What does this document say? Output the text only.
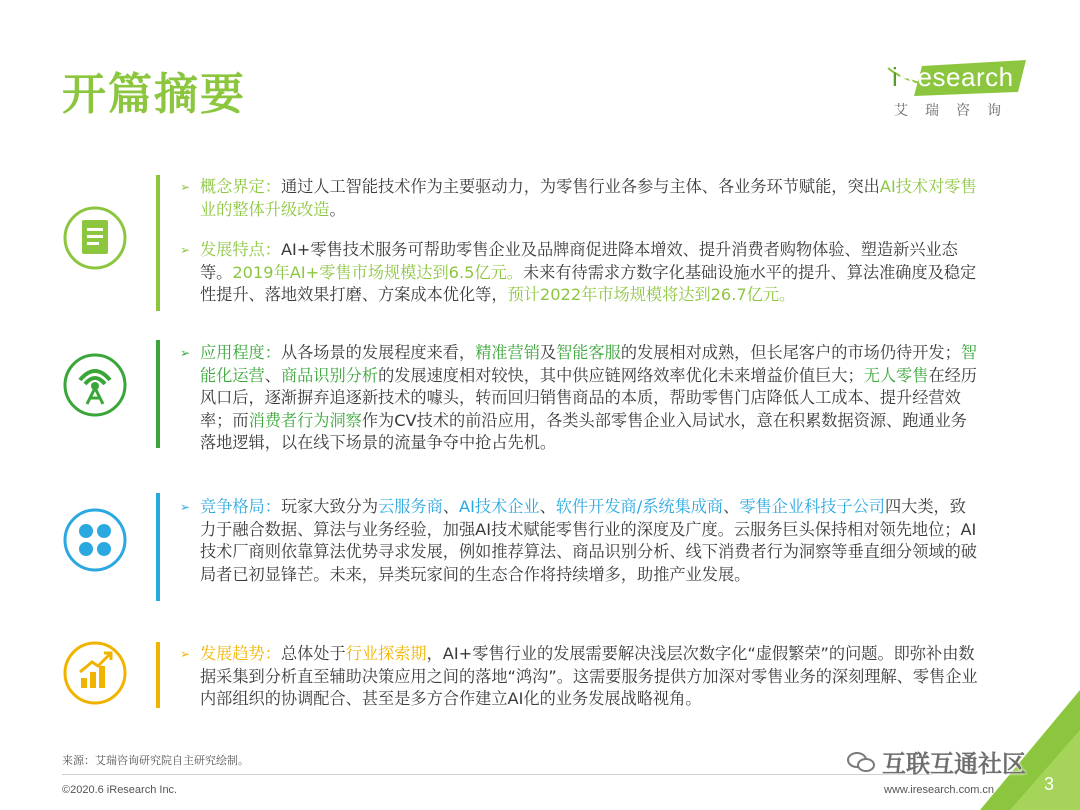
开篇摘要	iResearch
艾瑞咨询
➢ 概念界定：通过人工智能技术作为主要驱动力，为零售行业各参与主体、各业务环节赋能，突出AI技术对零售业的整体升级改造。
➢ 发展特点：AI+零售技术服务可帮助零售企业及品牌商促进降本增效、提升消费者购物体验、塑造新兴业态等。2019年AI+零售市场规模达到6.5亿元。未来有待需求方数字化基础设施水平的提升、算法准确度及稳定性提升、落地效果打磨、方案成本优化等，预计2022年市场规模将达到26.7亿元。
➢ 应用程度：从各场景的发展程度来看，精准营销及智能客服的发展相对成熟，但长尾客户的市场仍待开发；智能化运营、商品识别分析的发展速度相对较快，其中供应链网络效率优化未来增益价值巨大；无人零售在经历风口后，逐渐摒弃追逐新技术的噱头，转而回归销售商品的本质，帮助零售门店降低人工成本、提升经营效率；而消费者行为洞察作为CV技术的前沿应用，各类头部零售企业入局试水，意在积累数据资源、跑通业务落地逻辑，以在线下场景的流量争夺中抢占先机。
➢ 竞争格局：玩家大致分为云服务商、AI技术企业、软件开发商/系统集成商、零售企业科技子公司四大类，致力于融合数据、算法与业务经验，加强AI技术赋能零售行业的深度及广度。云服务巨头保持相对领先地位；AI技术厂商则依靠算法优势寻求发展，例如推荐算法、商品识别分析、线下消费者行为洞察等垂直细分领域的破局者已初显锋芒。未来，异类玩家间的生态合作将持续增多，助推产业发展。
➢ 发展趋势：总体处于行业探索期，AI+零售行业的发展需要解决浅层次数字化“虚假繁荣”的问题。即弥补由数据采集到分析直至辅助决策应用之间的落地“鸿沟”。这需要服务提供方加深对零售业务的深刻理解、零售企业内部组织的协调配合、甚至是多方合作建立AI化的业务发展战略视角。
来源：艾瑞咨询研究院自主研究绘制。
©2020.6 iResearch Inc.	www.iresearch.com.cn	3
互联互通社区
